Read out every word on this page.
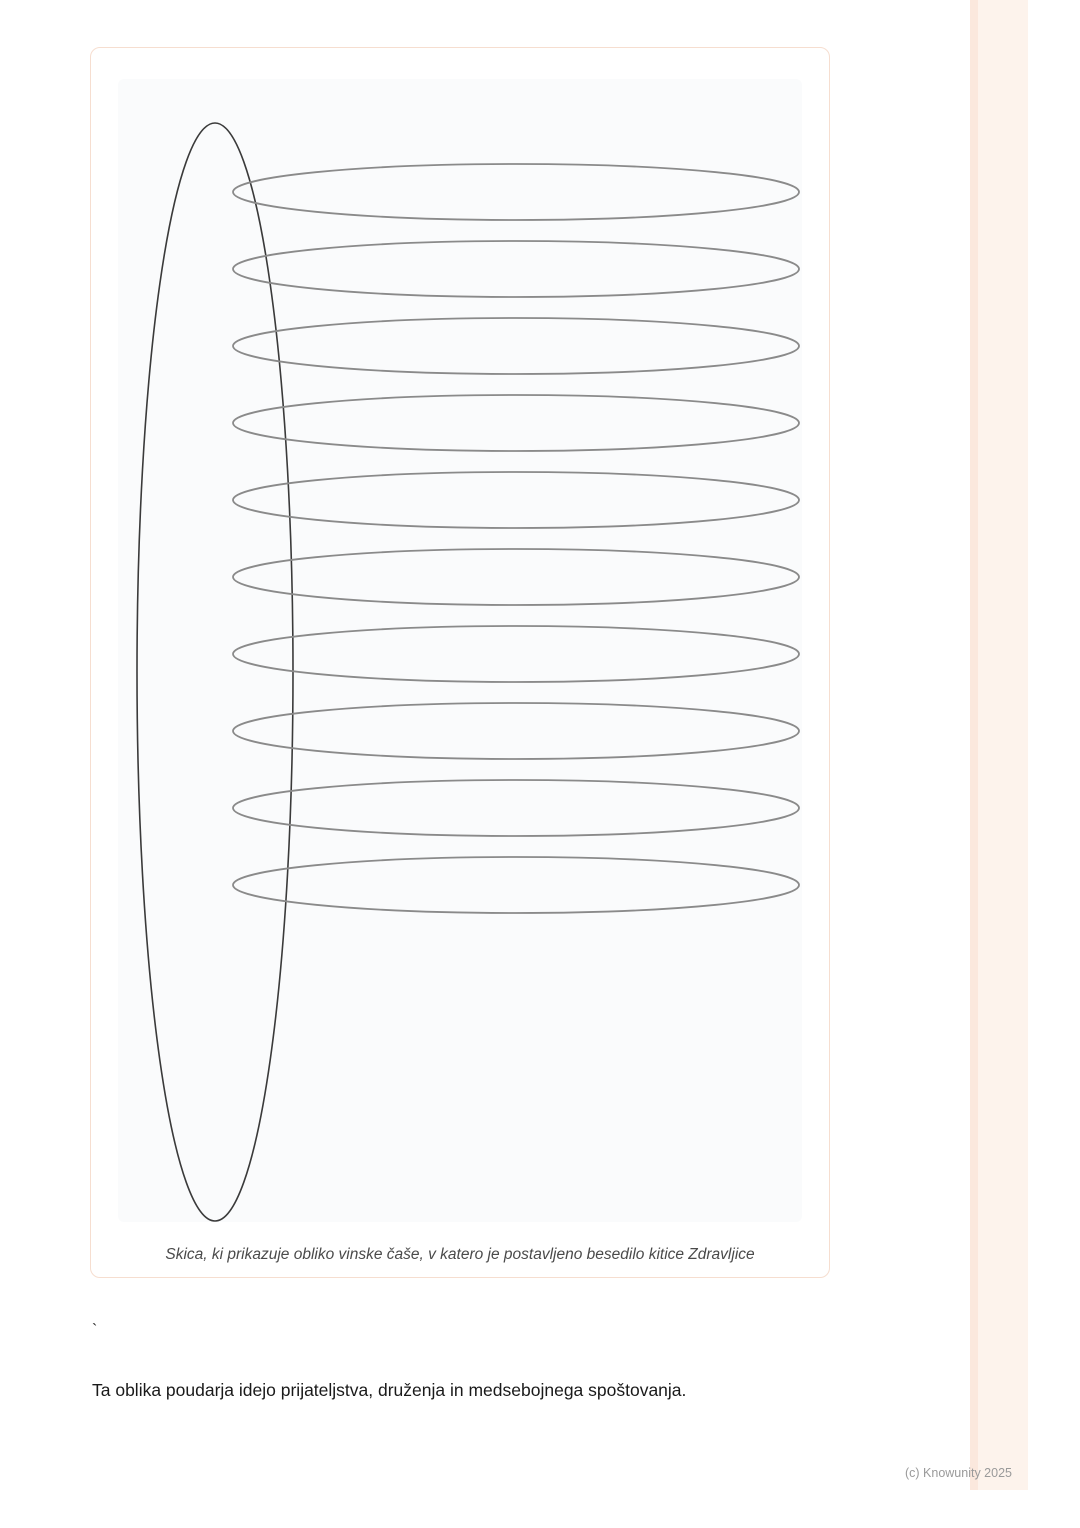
Skica, ki prikazuje obliko vinske čaše, v katero je postavljeno besedilo kitice Zdravljice
`
Ta oblika poudarja idejo prijateljstva, druženja in medsebojnega spoštovanja.
(c) Knowunity 2025
